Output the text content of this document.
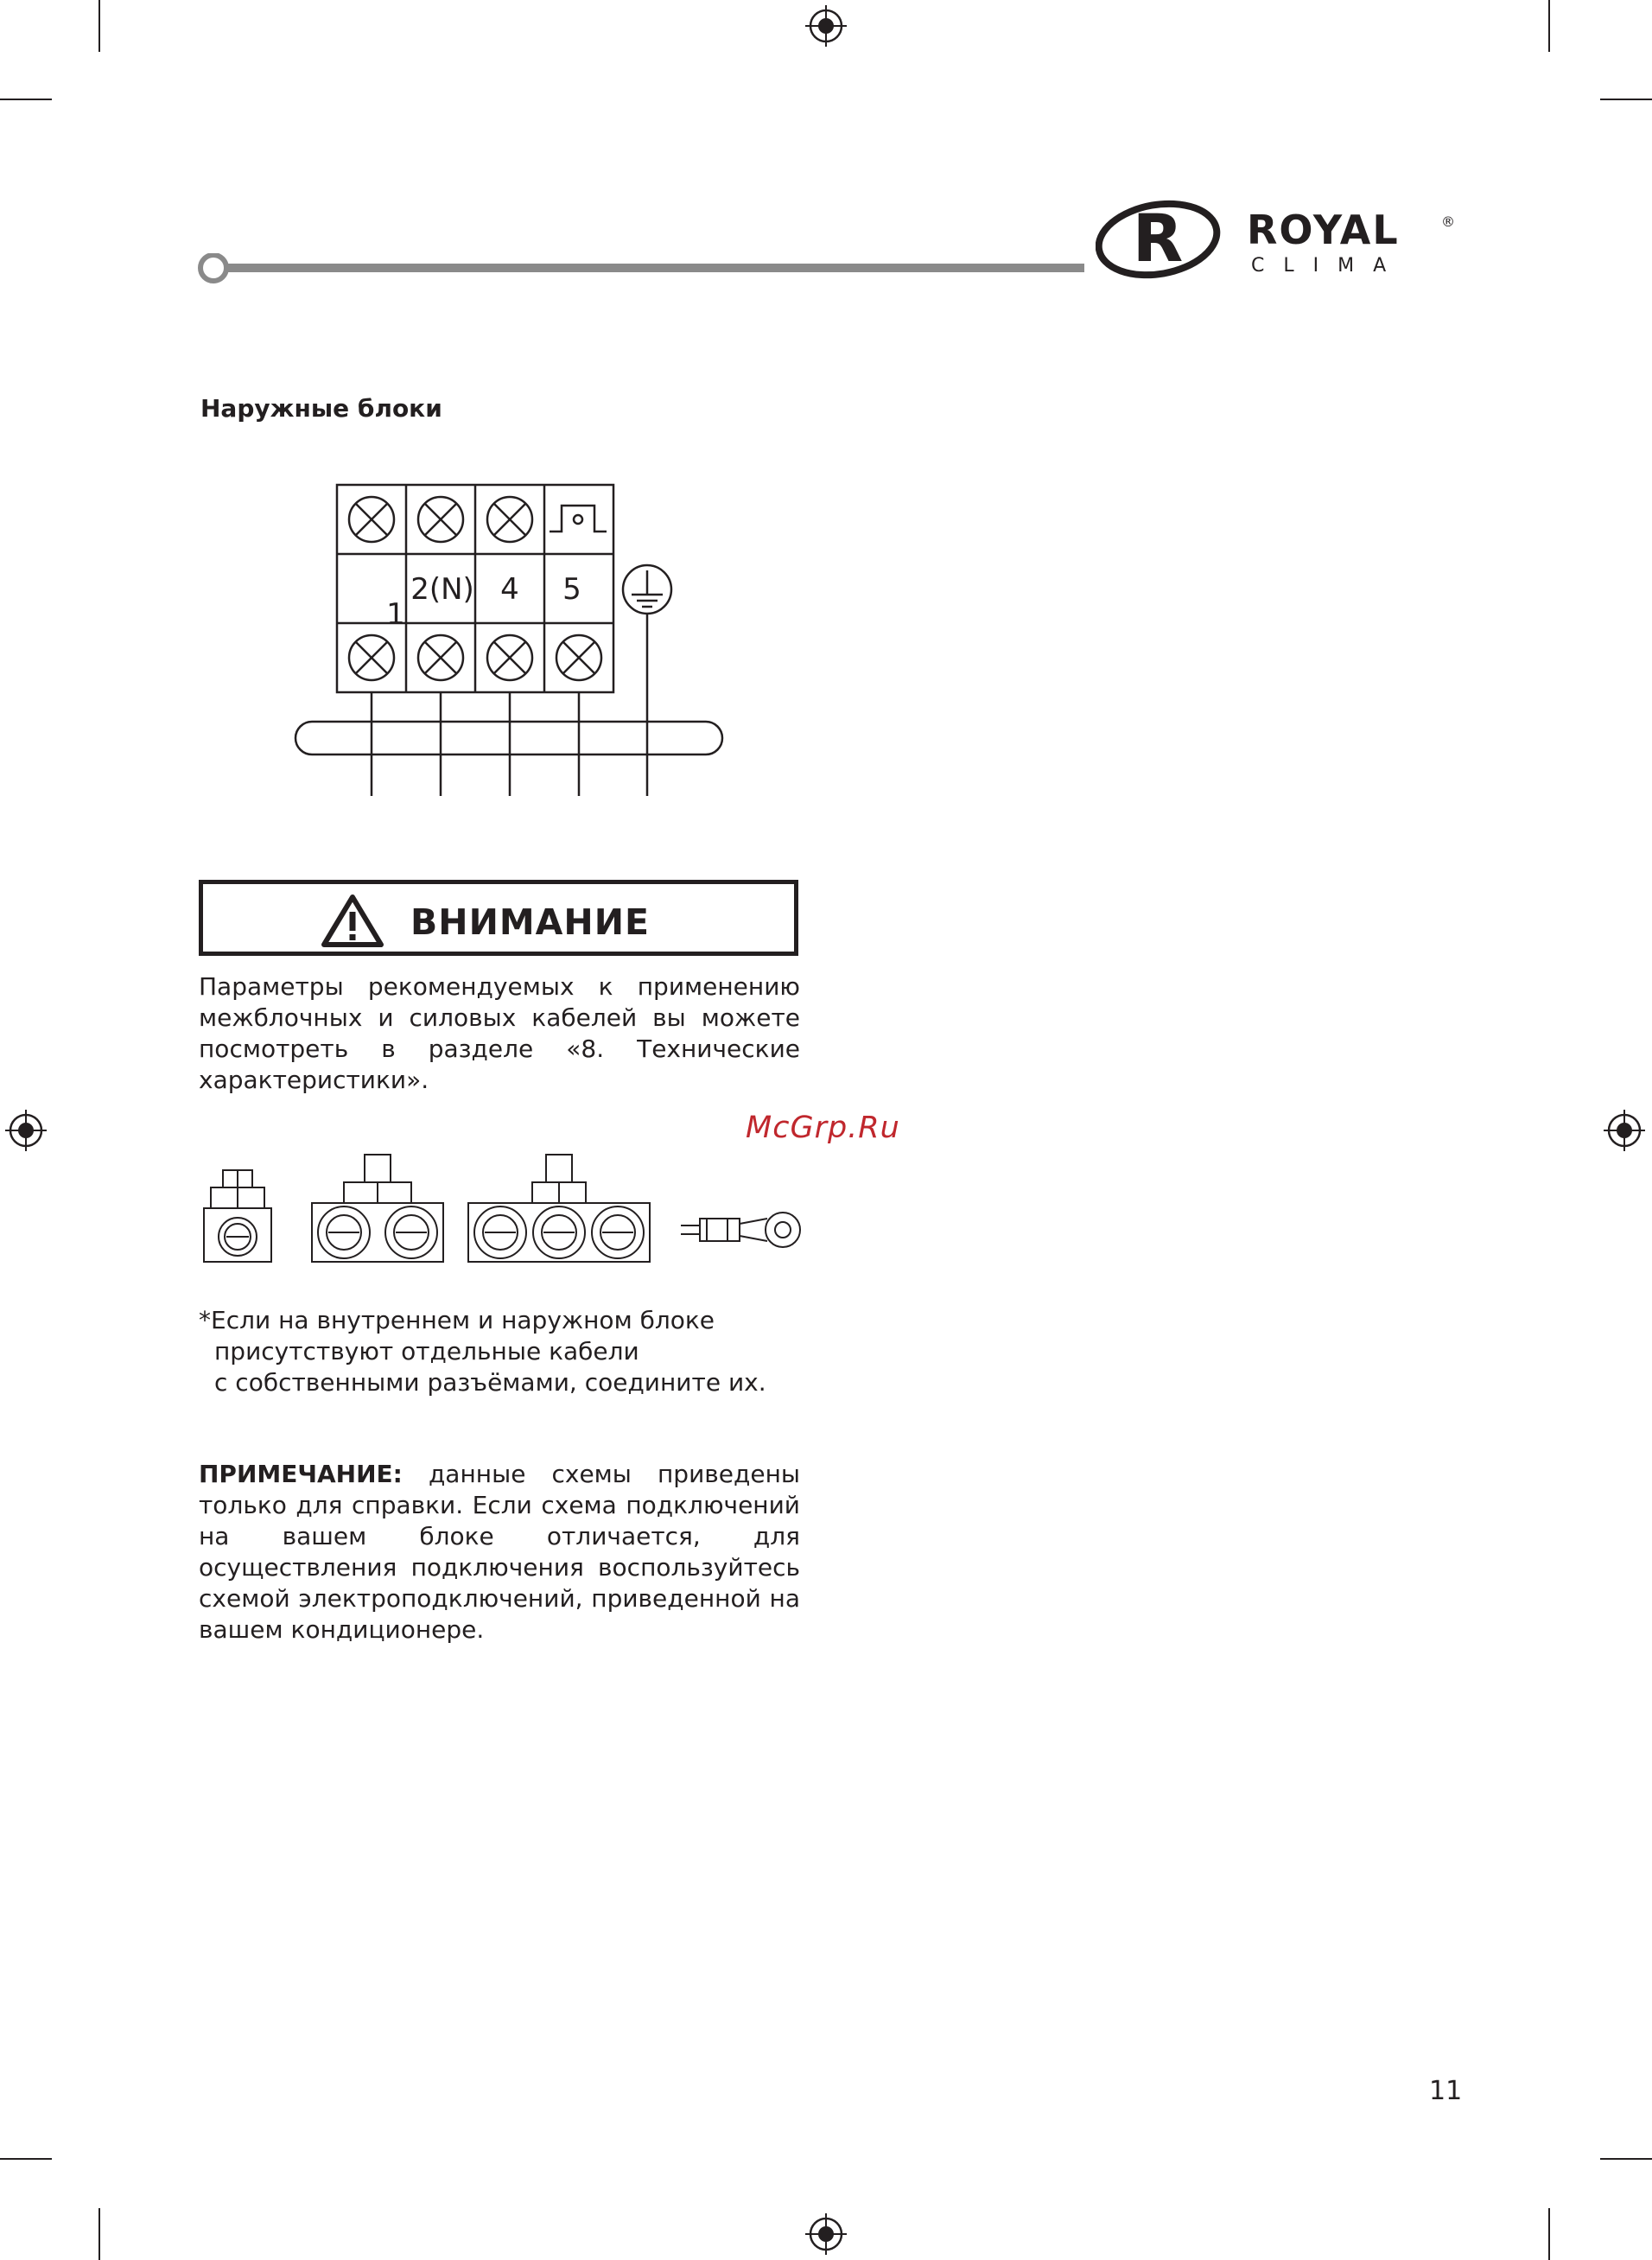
R ROYAL	®
CLIMA
Наружные блоки
1
2(N) 4 5
ВНИМАНИЕ
Параметры рекомендуемых к применению межблочных и силовых кабелей вы можете посмотреть в разделе «8. Технические характеристики».
McGrp.Ru
*Если на внутреннем и наружном блоке
присутствуют отдельные кабели
с собственными разъёмами, соедините их.
ПРИМЕЧАНИЕ: данные схемы приведены только для справки. Если схема подключений на вашем блоке отличается, для осуществления подключения воспользуйтесь схемой электроподключений, приведенной на вашем кондиционере.
11
